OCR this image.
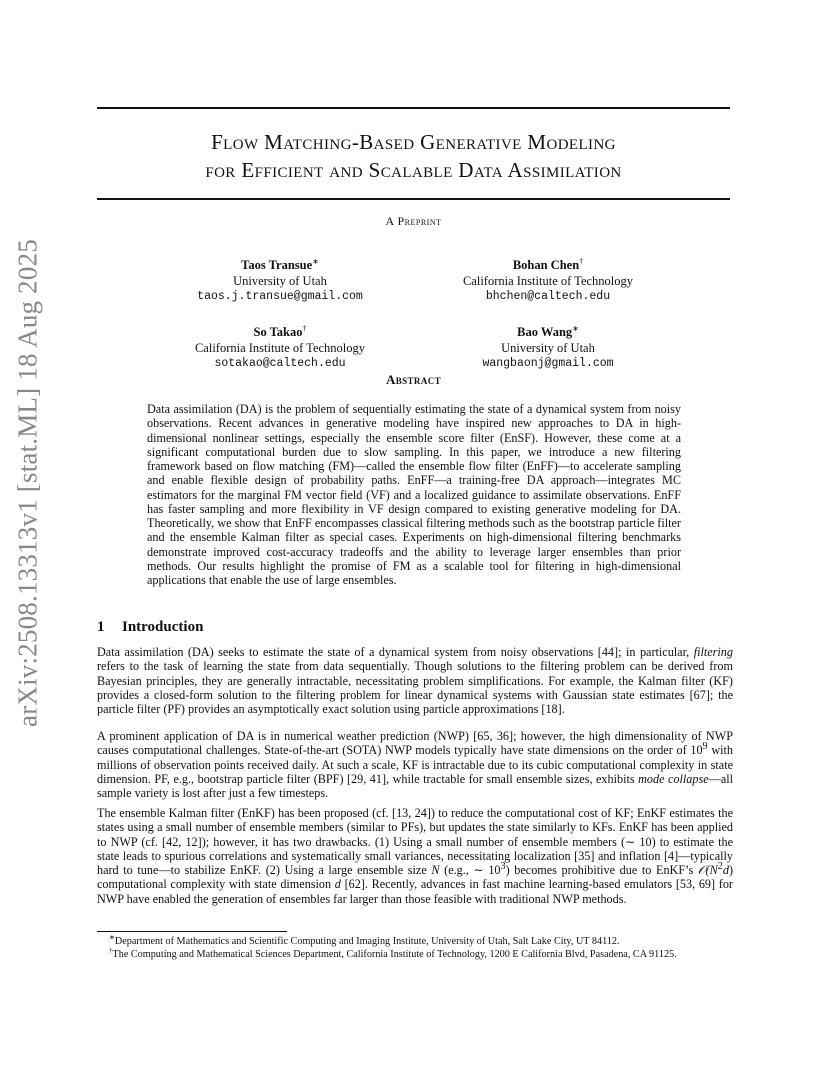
arXiv:2508.13313v1 [stat.ML] 18 Aug 2025
Flow Matching-Based Generative Modeling
for Efficient and Scalable Data Assimilation
A Preprint
Taos Transue∗
University of Utah
taos.j.transue@gmail.com
Bohan Chen†
California Institute of Technology
bhchen@caltech.edu
So Takao†
California Institute of Technology
sotakao@caltech.edu
Bao Wang∗
University of Utah
wangbaonj@gmail.com
Abstract
Data assimilation (DA) is the problem of sequentially estimating the state of a dynamical system from noisy observations. Recent advances in generative modeling have inspired new approaches to DA in high-dimensional nonlinear settings, especially the ensemble score filter (EnSF). However, these come at a significant computational burden due to slow sampling. In this paper, we introduce a new filtering framework based on flow matching (FM)—called the ensemble flow filter (EnFF)—to accelerate sampling and enable flexible design of probability paths. EnFF—a training-free DA approach—integrates MC estimators for the marginal FM vector field (VF) and a localized guidance to assimilate observations. EnFF has faster sampling and more flexibility in VF design compared to existing generative modeling for DA. Theoretically, we show that EnFF encompasses classical filtering methods such as the bootstrap particle filter and the ensemble Kalman filter as special cases. Experiments on high-dimensional filtering benchmarks demonstrate improved cost-accuracy tradeoffs and the ability to leverage larger ensembles than prior methods. Our results highlight the promise of FM as a scalable tool for filtering in high-dimensional applications that enable the use of large ensembles.
1 Introduction
Data assimilation (DA) seeks to estimate the state of a dynamical system from noisy observations [44]; in particular, filtering refers to the task of learning the state from data sequentially. Though solutions to the filtering problem can be derived from Bayesian principles, they are generally intractable, necessitating problem simplifications. For example, the Kalman filter (KF) provides a closed-form solution to the filtering problem for linear dynamical systems with Gaussian state estimates [67]; the particle filter (PF) provides an asymptotically exact solution using particle approximations [18].
A prominent application of DA is in numerical weather prediction (NWP) [65, 36]; however, the high dimensionality of NWP causes computational challenges. State-of-the-art (SOTA) NWP models typically have state dimensions on the order of $10^9$ with millions of observation points received daily. At such a scale, KF is intractable due to its cubic computational complexity in state dimension. PF, e.g., bootstrap particle filter (BPF) [29, 41], while tractable for small ensemble sizes, exhibits mode collapse—all sample variety is lost after just a few timesteps.
The ensemble Kalman filter (EnKF) has been proposed (cf. [13, 24]) to reduce the computational cost of KF; EnKF estimates the states using a small number of ensemble members (similar to PFs), but updates the state similarly to KFs. EnKF has been applied to NWP (cf. [42, 12]); however, it has two drawbacks. (1) Using a small number of ensemble members (∼ 10) to estimate the state leads to spurious correlations and systematically small variances, necessitating localization [35] and inflation [4]—typically hard to tune—to stabilize EnKF. (2) Using a large ensemble size N (e.g., ∼ $10^3$) becomes prohibitive due to EnKF’s $𝒪(N^2d)$ computational complexity with state dimension d [62]. Recently, advances in fast machine learning-based emulators [53, 69] for NWP have enabled the generation of ensembles far larger than those feasible with traditional NWP methods.

∗Department of Mathematics and Scientific Computing and Imaging Institute, University of Utah, Salt Lake City, UT 84112.

†The Computing and Mathematical Sciences Department, California Institute of Technology, 1200 E California Blvd, Pasadena, CA 91125.
